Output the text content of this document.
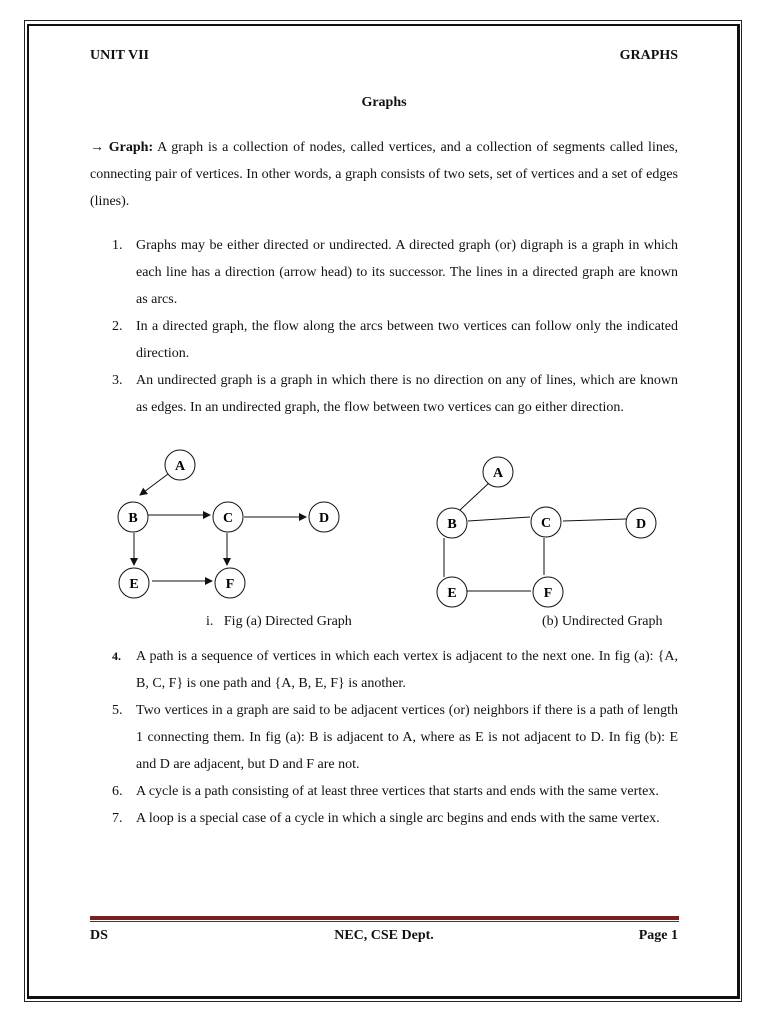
UNIT VII	GRAPHS
Graphs
→ Graph: A graph is a collection of nodes, called vertices, and a collection of segments called lines, connecting pair of vertices. In other words, a graph consists of two sets, set of vertices and a set of edges (lines).
1. Graphs may be either directed or undirected. A directed graph (or) digraph is a graph in which each line has a direction (arrow head) to its successor. The lines in a directed graph are known as arcs.
2. In a directed graph, the flow along the arcs between two vertices can follow only the indicated direction.
3. An undirected graph is a graph in which there is no direction on any of lines, which are known as edges. In an undirected graph, the flow between two vertices can go either direction.
A
B	C	D
E	F
A
B	C	D
E	F
i. Fig (a) Directed Graph	(b) Undirected Graph
4. A path is a sequence of vertices in which each vertex is adjacent to the next one. In fig (a): {A, B, C, F} is one path and {A, B, E, F} is another.
5. Two vertices in a graph are said to be adjacent vertices (or) neighbors if there is a path of length 1 connecting them. In fig (a): B is adjacent to A, where as E is not adjacent to D. In fig (b): E and D are adjacent, but D and F are not.
6. A cycle is a path consisting of at least three vertices that starts and ends with the same vertex.
7. A loop is a special case of a cycle in which a single arc begins and ends with the same vertex.
DS	NEC, CSE Dept.	Page 1
